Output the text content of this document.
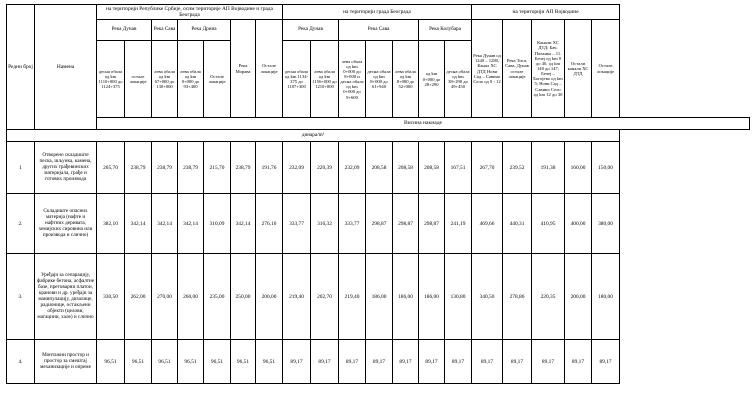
Редни број	Намена	на територији Републике Србије, осим територије АП Војводине и града Београда							на територији града Београда							на територији АП Војводине				
		Река Дунав		Река Сава	Река Дрина		Река Морава	Остале локације	Река Дунав		Река Сава			Река Колубара		Река Дунав од 1240 – 1280, Канал ХС ДТД Нови Сад – Савино Село од 0 - 12	Река Тиса, Сава, Дунав остале локације	Канали ХС ДТД; Бач. Паланка – 11. Бечеј од km 0 до 40, од km 140 до 147; Бечеј – Богојево од km 5; Нови Сад – Савино Село од km 12 до 30	Остали канали ХС ДТД	Остале локације
		десна обала од km 1110+000 до 1124+375	остале локације	лева обала од km 67+000 до 130+000	лева обала од km 0+000 до 93+400	Остале локације			десна обала од km 1134-375 до 1187+300	лева обала од km 1156+000 до 1210+000	лева обала од km 0+000 до 8+000 и десна обала од km 0+000 до 9+600	десна обала од km 8+000 до 61+940	лева обала од km 8+000 до 52+000	од km 0+000 до 28+290	десна обала од km 38+290 до 49+450					
		Висина накнаде																		
динара/m²																				
1	Отворено складиште песка, шљунка, камена, других грађевинских материјала, грађе и готових производа	265,70	238,79	238,79	238,79	215,70	238,79	191,76	232,09	220,39	232,09	208,58	208,58	208,58	167,51	267,70	239,52	191,38	160,00	150,00
2.	Складиште опасних материја (нафте и нафтних деривата, хемијских сировина или производа и сличнo)	382,10	342,14	342,14	342,14	310,09	342,14	276,10	333,77	316,32	333,77	298,87	298,87	298,87	241,19	469,66	440,31	410,95	400,00	380,00
3.	Уређаји за сепарацију, фабрике бетона, асфалтне базе, претоварни платои, кранови и др. уређаји за манипулацију, дизалице, радионице, остакљени објекти (целови, магацини, хале) и сличнo	330,50	262,00	270,00	260,00	235,00	250,00	200,00	219,40	202,70	219,40	186,00	186,00	186,00	130,80	340,50	278,86	220,35	200,00	180,00
4.	Монтажни простор и простор за смештај механизације и опреме	96,51	96,51	96,51	96,51	96,51	96,51	96,51	89,17	89,17	89,17	89,17	89,17	89,17	89,17	89,17	89,17	89,17	89,17	89,17
